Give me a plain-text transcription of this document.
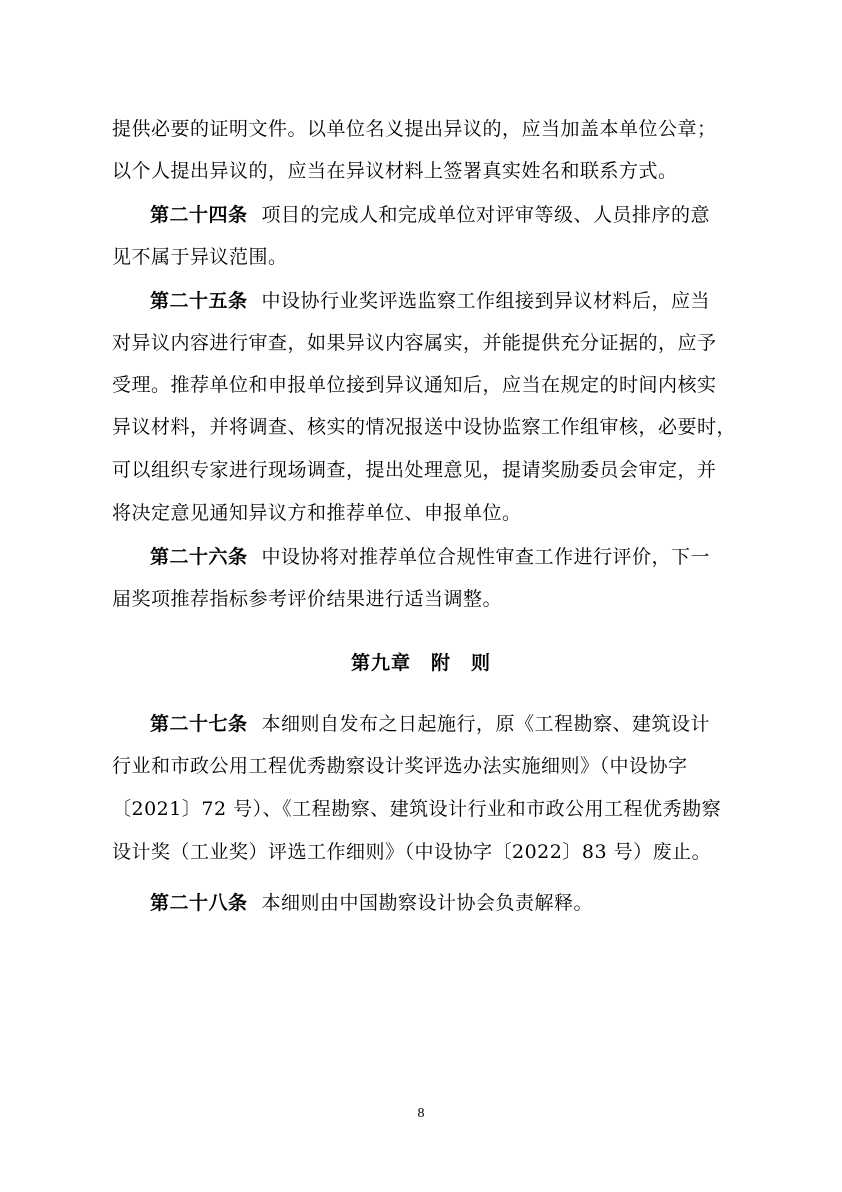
提供必要的证明文件。以单位名义提出异议的，应当加盖本单位公章；
以个人提出异议的，应当在异议材料上签署真实姓名和联系方式。
第二十四条 项目的完成人和完成单位对评审等级、人员排序的意
见不属于异议范围。
第二十五条 中设协行业奖评选监察工作组接到异议材料后，应当
对异议内容进行审查，如果异议内容属实，并能提供充分证据的，应予
受理。推荐单位和申报单位接到异议通知后，应当在规定的时间内核实
异议材料，并将调查、核实的情况报送中设协监察工作组审核，必要时，
可以组织专家进行现场调查，提出处理意见，提请奖励委员会审定，并
将决定意见通知异议方和推荐单位、申报单位。
第二十六条 中设协将对推荐单位合规性审查工作进行评价，下一
届奖项推荐指标参考评价结果进行适当调整。
第九章　附　则
第二十七条 本细则自发布之日起施行，原《工程勘察、建筑设计
行业和市政公用工程优秀勘察设计奖评选办法实施细则》（中设协字
〔2021〕72 号）、《工程勘察、建筑设计行业和市政公用工程优秀勘察
设计奖（工业奖）评选工作细则》（中设协字〔2022〕83 号）废止。
第二十八条 本细则由中国勘察设计协会负责解释。
8
